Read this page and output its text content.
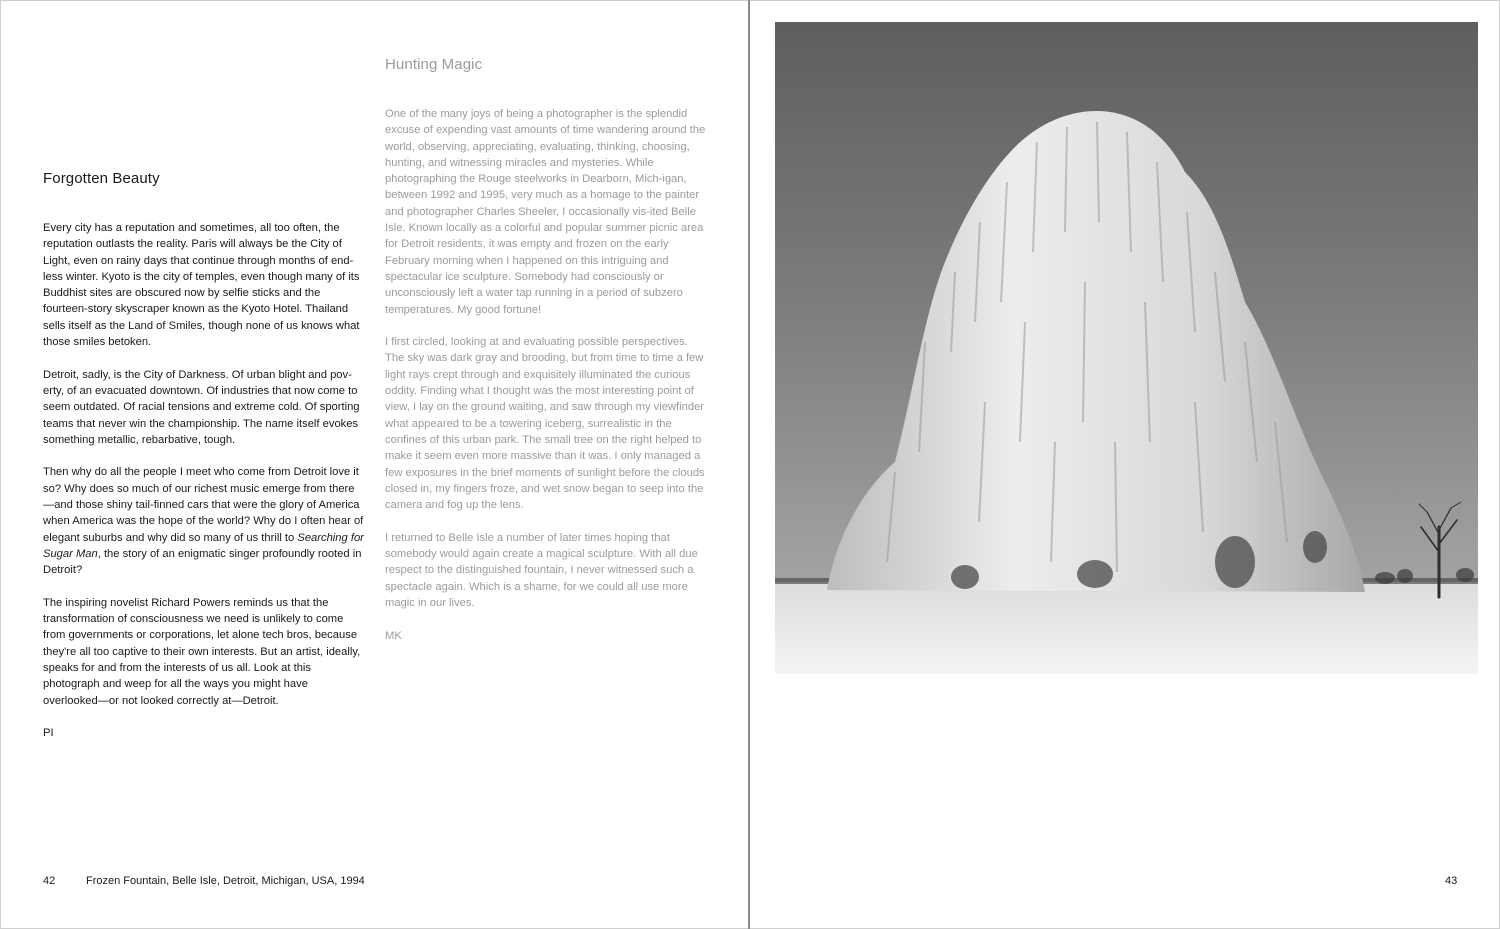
Forgotten Beauty

Every city has a reputation and sometimes, all too often, the reputation outlasts the reality. Paris will always be the City of Light, even on rainy days that continue through months of end-less winter. Kyoto is the city of temples, even though many of its Buddhist sites are obscured now by selfie sticks and the fourteen-story skyscraper known as the Kyoto Hotel. Thailand sells itself as the Land of Smiles, though none of us knows what those smiles betoken.

Detroit, sadly, is the City of Darkness. Of urban blight and pov-erty, of an evacuated downtown. Of industries that now come to seem outdated. Of racial tensions and extreme cold. Of sporting teams that never win the championship. The name itself evokes something metallic, rebarbative, tough.

Then why do all the people I meet who come from Detroit love it so? Why does so much of our richest music emerge from there—and those shiny tail-finned cars that were the glory of America when America was the hope of the world? Why do I often hear of elegant suburbs and why did so many of us thrill to Searching for Sugar Man, the story of an enigmatic singer profoundly rooted in Detroit?

The inspiring novelist Richard Powers reminds us that the transformation of consciousness we need is unlikely to come from governments or corporations, let alone tech bros, because they're all too captive to their own interests. But an artist, ideally, speaks for and from the interests of us all. Look at this photograph and weep for all the ways you might have overlooked—or not looked correctly at—Detroit.

PI

Hunting Magic

One of the many joys of being a photographer is the splendid excuse of expending vast amounts of time wandering around the world, observing, appreciating, evaluating, thinking, choosing, hunting, and witnessing miracles and mysteries. While photographing the Rouge steelworks in Dearborn, Mich-igan, between 1992 and 1995, very much as a homage to the painter and photographer Charles Sheeler, I occasionally vis-ited Belle Isle. Known locally as a colorful and popular summer picnic area for Detroit residents, it was empty and frozen on the early February morning when I happened on this intriguing and spectacular ice sculpture. Somebody had consciously or unconsciously left a water tap running in a period of subzero temperatures. My good fortune!

I first circled, looking at and evaluating possible perspectives. The sky was dark gray and brooding, but from time to time a few light rays crept through and exquisitely illuminated the curious oddity. Finding what I thought was the most interesting point of view, I lay on the ground waiting, and saw through my viewfinder what appeared to be a towering iceberg, surrealistic in the confines of this urban park. The small tree on the right helped to make it seem even more massive than it was. I only managed a few exposures in the brief moments of sunlight before the clouds closed in, my fingers froze, and wet snow began to seep into the camera and fog up the lens.

I returned to Belle Isle a number of later times hoping that somebody would again create a magical sculpture. With all due respect to the distinguished fountain, I never witnessed such a spectacle again. Which is a shame, for we could all use more magic in our lives.

MK

42	Frozen Fountain, Belle Isle, Detroit, Michigan, USA, 1994	43
